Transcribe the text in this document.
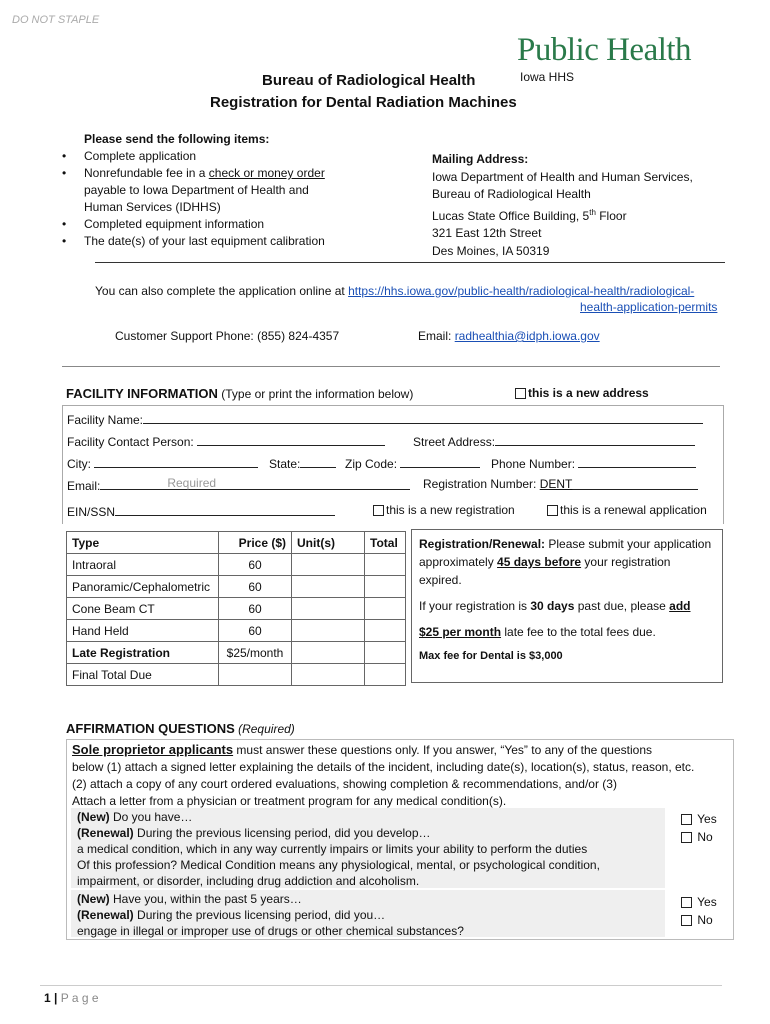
DO NOT STAPLE
Public Health
Iowa HHS
Bureau of Radiological Health
Registration for Dental Radiation Machines
Please send the following items:
• Complete application
• Nonrefundable fee in a check or money order
payable to Iowa Department of Health and
Human Services (IDHHS)
• Completed equipment information
• The date(s) of your last equipment calibration
Mailing Address:
Iowa Department of Health and Human Services,
Bureau of Radiological Health
Lucas State Office Building, 5th Floor
321 East 12th Street
Des Moines, IA 50319
You can also complete the application online at https://hhs.iowa.gov/public-health/radiological-health/radiological-
health-application-permits
Customer Support Phone: (855) 824-4357	Email: radhealthia@idph.iowa.gov
FACILITY INFORMATION (Type or print the information below)	this is a new address
Facility Name:
Facility Contact Person:	Street Address:
City:	State:	Zip Code:	Phone Number:
Email:	Required	Registration Number: DENT
EIN/SSN	this is a new registration	this is a renewal application
Type	Price ($)	Unit(s)	Total
Intraoral	60		
Panoramic/Cephalometric	60		
Cone Beam CT	60		
Hand Held	60		
Late Registration	$25/month		
Final Total Due			
Registration/Renewal: Please submit your application approximately 45 days before your registration expired.
If your registration is 30 days past due, please add
$25 per month late fee to the total fees due.
Max fee for Dental is $3,000
AFFIRMATION QUESTIONS (Required)
Sole proprietor applicants must answer these questions only. If you answer, “Yes” to any of the questions
below (1) attach a signed letter explaining the details of the incident, including date(s), location(s), status, reason, etc.
(2) attach a copy of any court ordered evaluations, showing completion & recommendations, and/or (3)
Attach a letter from a physician or treatment program for any medical condition(s).
(New) Do you have…
(Renewal) During the previous licensing period, did you develop…
a medical condition, which in any way currently impairs or limits your ability to perform the duties
Of this profession? Medical Condition means any physiological, mental, or psychological condition,
impairment, or disorder, including drug addiction and alcoholism.
Yes
No
(New) Have you, within the past 5 years…
(Renewal) During the previous licensing period, did you…
engage in illegal or improper use of drugs or other chemical substances?
Yes
No
1 | P a g e
